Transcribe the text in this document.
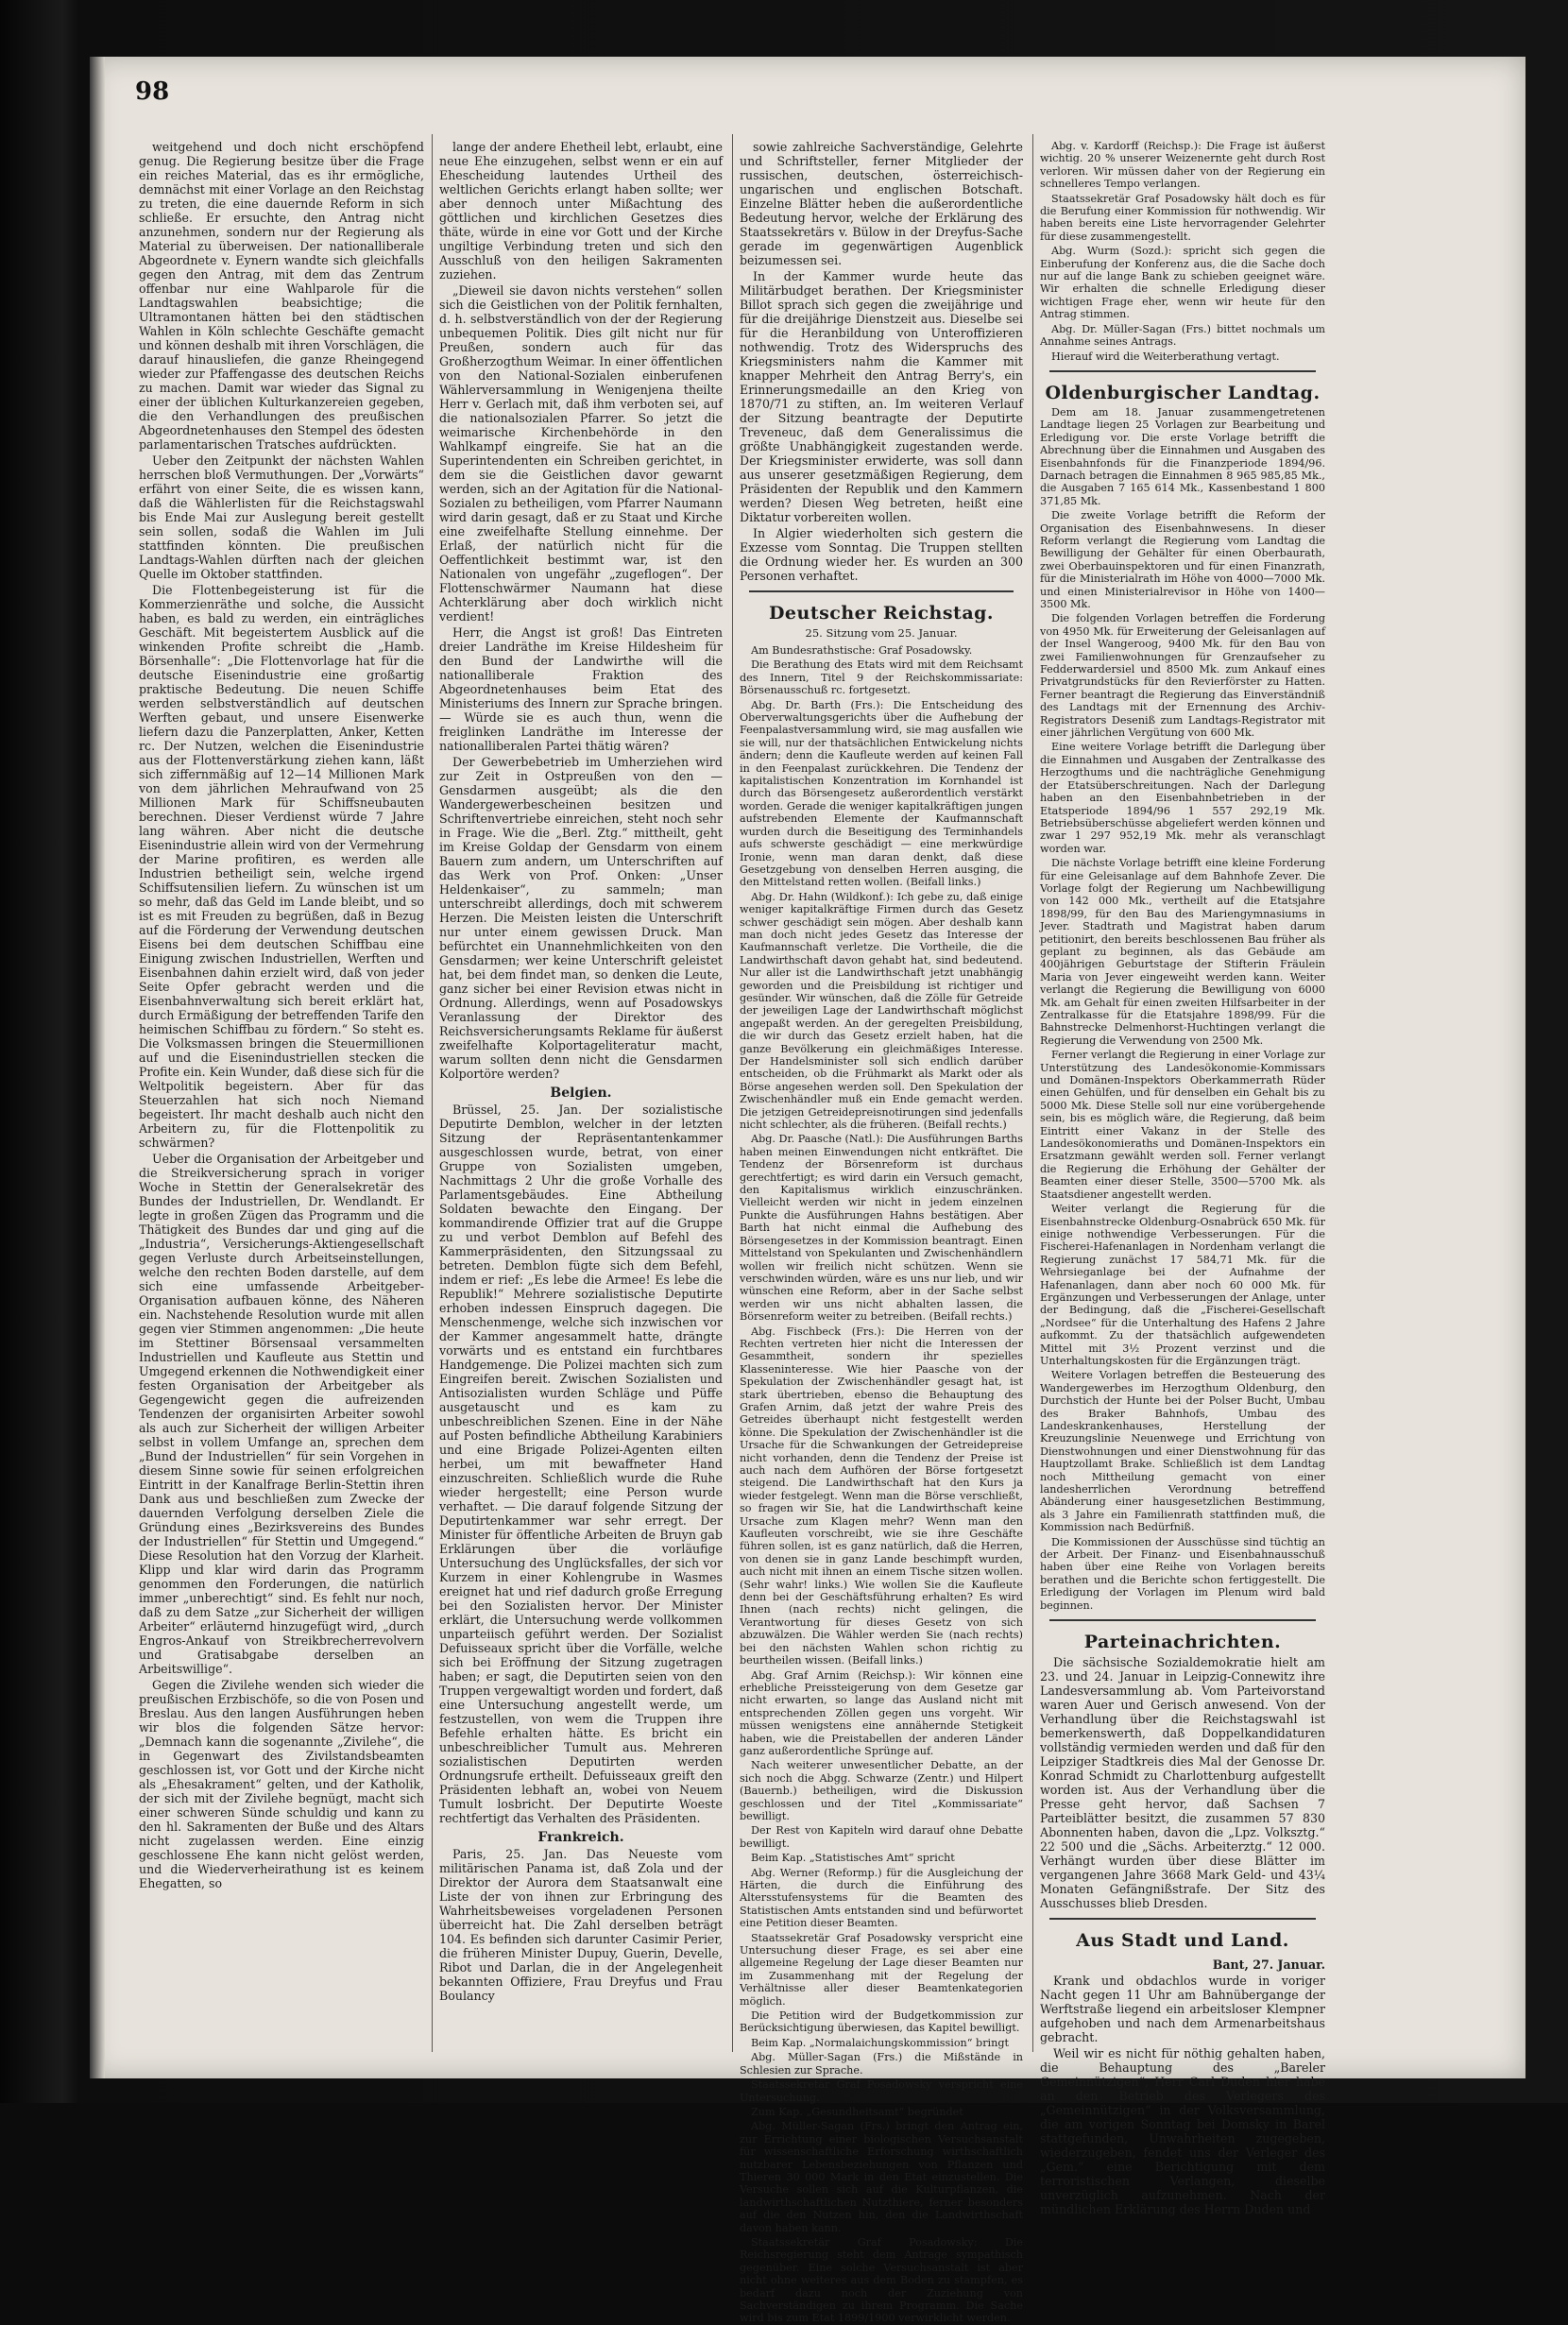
98

weitgehend und doch nicht erschöpfend genug. Die Regierung besitze über die Frage ein reiches Material, das es ihr ermögliche, demnächst mit einer Vorlage an den Reichstag zu treten, die eine dauernde Reform in sich schließe. Er ersuchte, den Antrag nicht anzunehmen, sondern nur der Regierung als Material zu überweisen. Der nationalliberale Abgeordnete v. Eynern wandte sich gleichfalls gegen den Antrag, mit dem das Zentrum offenbar nur eine Wahlparole für die Landtagswahlen beabsichtige; die Ultramontanen hätten bei den städtischen Wahlen in Köln schlechte Geschäfte gemacht und können deshalb mit ihren Vorschlägen, die darauf hinausliefen, die ganze Rheingegend wieder zur Pfaffengasse des deutschen Reichs zu machen. Damit war wieder das Signal zu einer der üblichen Kulturkanzereien gegeben, die den Verhandlungen des preußischen Abgeordnetenhauses den Stempel des ödesten parlamentarischen Tratsches aufdrückten.

Ueber den Zeitpunkt der nächsten Wahlen herrschen bloß Vermuthungen. Der „Vorwärts“ erfährt von einer Seite, die es wissen kann, daß die Wählerlisten für die Reichstagswahl bis Ende Mai zur Auslegung bereit gestellt sein sollen, sodaß die Wahlen im Juli stattfinden könnten. Die preußischen Landtags-Wahlen dürften nach der gleichen Quelle im Oktober stattfinden.

Die Flottenbegeisterung ist für die Kommerzienräthe und solche, die Aussicht haben, es bald zu werden, ein einträgliches Geschäft. Mit begeistertem Ausblick auf die winkenden Profite schreibt die „Hamb. Börsenhalle“: „Die Flottenvorlage hat für die deutsche Eisenindustrie eine großartig praktische Bedeutung. Die neuen Schiffe werden selbstverständlich auf deutschen Werften gebaut, und unsere Eisenwerke liefern dazu die Panzerplatten, Anker, Ketten rc. Der Nutzen, welchen die Eisenindustrie aus der Flottenverstärkung ziehen kann, läßt sich ziffernmäßig auf 12—14 Millionen Mark von dem jährlichen Mehraufwand von 25 Millionen Mark für Schiffsneubauten berechnen. Dieser Verdienst würde 7 Jahre lang währen. Aber nicht die deutsche Eisenindustrie allein wird von der Vermehrung der Marine profitiren, es werden alle Industrien betheiligt sein, welche irgend Schiffsutensilien liefern. Zu wünschen ist um so mehr, daß das Geld im Lande bleibt, und so ist es mit Freuden zu begrüßen, daß in Bezug auf die Förderung der Verwendung deutschen Eisens bei dem deutschen Schiffbau eine Einigung zwischen Industriellen, Werften und Eisenbahnen dahin erzielt wird, daß von jeder Seite Opfer gebracht werden und die Eisenbahnverwaltung sich bereit erklärt hat, durch Ermäßigung der betreffenden Tarife den heimischen Schiffbau zu fördern.“ So steht es. Die Volksmassen bringen die Steuermillionen auf und die Eisenindustriellen stecken die Profite ein. Kein Wunder, daß diese sich für die Weltpolitik begeistern. Aber für das Steuerzahlen hat sich noch Niemand begeistert. Ihr macht deshalb auch nicht den Arbeitern zu, für die Flottenpolitik zu schwärmen?

Ueber die Organisation der Arbeitgeber und die Streikversicherung sprach in voriger Woche in Stettin der Generalsekretär des Bundes der Industriellen, Dr. Wendlandt. Er legte in großen Zügen das Programm und die Thätigkeit des Bundes dar und ging auf die „Industria“, Versicherungs-Aktiengesellschaft gegen Verluste durch Arbeitseinstellungen, welche den rechten Boden darstelle, auf dem sich eine umfassende Arbeitgeber-Organisation aufbauen könne, des Näheren ein. Nachstehende Resolution wurde mit allen gegen vier Stimmen angenommen: „Die heute im Stettiner Börsensaal versammelten Industriellen und Kaufleute aus Stettin und Umgegend erkennen die Nothwendigkeit einer festen Organisation der Arbeitgeber als Gegengewicht gegen die aufreizenden Tendenzen der organisirten Arbeiter sowohl als auch zur Sicherheit der willigen Arbeiter selbst in vollem Umfange an, sprechen dem „Bund der Industriellen“ für sein Vorgehen in diesem Sinne sowie für seinen erfolgreichen Eintritt in der Kanalfrage Berlin-Stettin ihren Dank aus und beschließen zum Zwecke der dauernden Verfolgung derselben Ziele die Gründung eines „Bezirksvereins des Bundes der Industriellen“ für Stettin und Umgegend.“ Diese Resolution hat den Vorzug der Klarheit. Klipp und klar wird darin das Programm genommen den Forderungen, die natürlich immer „unberechtigt“ sind. Es fehlt nur noch, daß zu dem Satze „zur Sicherheit der willigen Arbeiter“ erläuternd hinzugefügt wird, „durch Engros-Ankauf von Streikbrecherrevolvern und Gratisabgabe derselben an Arbeitswillige“.

Gegen die Zivilehe wenden sich wieder die preußischen Erzbischöfe, so die von Posen und Breslau. Aus den langen Ausführungen heben wir blos die folgenden Sätze hervor: „Demnach kann die sogenannte „Zivilehe“, die in Gegenwart des Zivilstandsbeamten geschlossen ist, vor Gott und der Kirche nicht als „Ehesakrament“ gelten, und der Katholik, der sich mit der Zivilehe begnügt, macht sich einer schweren Sünde schuldig und kann zu den hl. Sakramenten der Buße und des Altars nicht zugelassen werden. Eine einzig geschlossene Ehe kann nicht gelöst werden, und die Wiederverheirathung ist es keinem Ehegatten, so

lange der andere Ehetheil lebt, erlaubt, eine neue Ehe einzugehen, selbst wenn er ein auf Ehescheidung lautendes Urtheil des weltlichen Gerichts erlangt haben sollte; wer aber dennoch unter Mißachtung des göttlichen und kirchlichen Gesetzes dies thäte, würde in eine vor Gott und der Kirche ungiltige Verbindung treten und sich den Ausschluß von den heiligen Sakramenten zuziehen.

„Dieweil sie davon nichts verstehen“ sollen sich die Geistlichen von der Politik fernhalten, d. h. selbstverständlich von der der Regierung unbequemen Politik. Dies gilt nicht nur für Preußen, sondern auch für das Großherzogthum Weimar. In einer öffentlichen von den National-Sozialen einberufenen Wählerversammlung in Wenigenjena theilte Herr v. Gerlach mit, daß ihm verboten sei, auf die nationalsozialen Pfarrer. So jetzt die weimarische Kirchenbehörde in den Wahlkampf eingreife. Sie hat an die Superintendenten ein Schreiben gerichtet, in dem sie die Geistlichen davor gewarnt werden, sich an der Agitation für die National-Sozialen zu betheiligen, vom Pfarrer Naumann wird darin gesagt, daß er zu Staat und Kirche eine zweifelhafte Stellung einnehme. Der Erlaß, der natürlich nicht für die Oeffentlichkeit bestimmt war, ist den Nationalen von ungefähr „zugeflogen“. Der Flottenschwärmer Naumann hat diese Achterklärung aber doch wirklich nicht verdient!

Herr, die Angst ist groß! Das Eintreten dreier Landräthe im Kreise Hildesheim für den Bund der Landwirthe will die nationalliberale Fraktion des Abgeordnetenhauses beim Etat des Ministeriums des Innern zur Sprache bringen. — Würde sie es auch thun, wenn die freiglinken Landräthe im Interesse der nationalliberalen Partei thätig wären?

Der Gewerbebetrieb im Umherziehen wird zur Zeit in Ostpreußen von den — Gensdarmen ausgeübt; als die den Wandergewerbescheinen besitzen und Schriftenvertriebe einreichen, steht noch sehr in Frage. Wie die „Berl. Ztg.“ mittheilt, geht im Kreise Goldap der Gensdarm von einem Bauern zum andern, um Unterschriften auf das Werk von Prof. Onken: „Unser Heldenkaiser“, zu sammeln; man unterschreibt allerdings, doch mit schwerem Herzen. Die Meisten leisten die Unterschrift nur unter einem gewissen Druck. Man befürchtet ein Unannehmlichkeiten von den Gensdarmen; wer keine Unterschrift geleistet hat, bei dem findet man, so denken die Leute, ganz sicher bei einer Revision etwas nicht in Ordnung. Allerdings, wenn auf Posadowskys Veranlassung der Direktor des Reichsversicherungsamts Reklame für äußerst zweifelhafte Kolportageliteratur macht, warum sollten denn nicht die Gensdarmen Kolportöre werden?

Belgien.

Brüssel, 25. Jan. Der sozialistische Deputirte Demblon, welcher in der letzten Sitzung der Repräsentantenkammer ausgeschlossen wurde, betrat, von einer Gruppe von Sozialisten umgeben, Nachmittags 2 Uhr die große Vorhalle des Parlamentsgebäudes. Eine Abtheilung Soldaten bewachte den Eingang. Der kommandirende Offizier trat auf die Gruppe zu und verbot Demblon auf Befehl des Kammerpräsidenten, den Sitzungssaal zu betreten. Demblon fügte sich dem Befehl, indem er rief: „Es lebe die Armee! Es lebe die Republik!“ Mehrere sozialistische Deputirte erhoben indessen Einspruch dagegen. Die Menschenmenge, welche sich inzwischen vor der Kammer angesammelt hatte, drängte vorwärts und es entstand ein furchtbares Handgemenge. Die Polizei machten sich zum Eingreifen bereit. Zwischen Sozialisten und Antisozialisten wurden Schläge und Püffe ausgetauscht und es kam zu unbeschreiblichen Szenen. Eine in der Nähe auf Posten befindliche Abtheilung Karabiniers und eine Brigade Polizei-Agenten eilten herbei, um mit bewaffneter Hand einzuschreiten. Schließlich wurde die Ruhe wieder hergestellt; eine Person wurde verhaftet. — Die darauf folgende Sitzung der Deputirtenkammer war sehr erregt. Der Minister für öffentliche Arbeiten de Bruyn gab Erklärungen über die vorläufige Untersuchung des Unglücksfalles, der sich vor Kurzem in einer Kohlengrube in Wasmes ereignet hat und rief dadurch große Erregung bei den Sozialisten hervor. Der Minister erklärt, die Untersuchung werde vollkommen unparteiisch geführt werden. Der Sozialist Defuisseaux spricht über die Vorfälle, welche sich bei Eröffnung der Sitzung zugetragen haben; er sagt, die Deputirten seien von den Truppen vergewaltigt worden und fordert, daß eine Untersuchung angestellt werde, um festzustellen, von wem die Truppen ihre Befehle erhalten hätte. Es bricht ein unbeschreiblicher Tumult aus. Mehreren sozialistischen Deputirten werden Ordnungsrufe ertheilt. Defuisseaux greift den Präsidenten lebhaft an, wobei von Neuem Tumult losbricht. Der Deputirte Woeste rechtfertigt das Verhalten des Präsidenten.

Frankreich.

Paris, 25. Jan. Das Neueste vom militärischen Panama ist, daß Zola und der Direktor der Aurora dem Staatsanwalt eine Liste der von ihnen zur Erbringung des Wahrheitsbeweises vorgeladenen Personen überreicht hat. Die Zahl derselben beträgt 104. Es befinden sich darunter Casimir Perier, die früheren Minister Dupuy, Guerin, Develle, Ribot und Darlan, die in der Angelegenheit bekannten Offiziere, Frau Dreyfus und Frau Boulancy

sowie zahlreiche Sachverständige, Gelehrte und Schriftsteller, ferner Mitglieder der russischen, deutschen, österreichisch-ungarischen und englischen Botschaft. Einzelne Blätter heben die außerordentliche Bedeutung hervor, welche der Erklärung des Staatssekretärs v. Bülow in der Dreyfus-Sache gerade im gegenwärtigen Augenblick beizumessen sei.

In der Kammer wurde heute das Militärbudget berathen. Der Kriegsminister Billot sprach sich gegen die zweijährige und für die dreijährige Dienstzeit aus. Dieselbe sei für die Heranbildung von Unteroffizieren nothwendig. Trotz des Widerspruchs des Kriegsministers nahm die Kammer mit knapper Mehrheit den Antrag Berry's, ein Erinnerungsmedaille an den Krieg von 1870/71 zu stiften, an. Im weiteren Verlauf der Sitzung beantragte der Deputirte Treveneuc, daß dem Generalissimus die größte Unabhängigkeit zugestanden werde. Der Kriegsminister erwiderte, was soll dann aus unserer gesetzmäßigen Regierung, dem Präsidenten der Republik und den Kammern werden? Diesen Weg betreten, heißt eine Diktatur vorbereiten wollen.

In Algier wiederholten sich gestern die Exzesse vom Sonntag. Die Truppen stellten die Ordnung wieder her. Es wurden an 300 Personen verhaftet.

Deutscher Reichstag.
25. Sitzung vom 25. Januar.

Am Bundesrathstische: Graf Posadowsky.

Die Berathung des Etats wird mit dem Reichsamt des Innern, Titel 9 der Reichskommissariate: Börsenausschuß rc. fortgesetzt.

Abg. Dr. Barth (Frs.): Die Entscheidung des Oberverwaltungsgerichts über die Aufhebung der Feenpalastversammlung wird, sie mag ausfallen wie sie will, nur der thatsächlichen Entwickelung nichts ändern; denn die Kaufleute werden auf keinen Fall in den Feenpalast zurückkehren. Die Tendenz der kapitalistischen Konzentration im Kornhandel ist durch das Börsengesetz außerordentlich verstärkt worden. Gerade die weniger kapitalkräftigen jungen aufstrebenden Elemente der Kaufmannschaft wurden durch die Beseitigung des Terminhandels aufs schwerste geschädigt — eine merkwürdige Ironie, wenn man daran denkt, daß diese Gesetzgebung von denselben Herren ausging, die den Mittelstand retten wollen. (Beifall links.)

Abg. Dr. Hahn (Wildkonf.): Ich gebe zu, daß einige weniger kapitalkräftige Firmen durch das Gesetz schwer geschädigt sein mögen. Aber deshalb kann man doch nicht jedes Gesetz das Interesse der Kaufmannschaft verletze. Die Vortheile, die die Landwirthschaft davon gehabt hat, sind bedeutend. Nur aller ist die Landwirthschaft jetzt unabhängig geworden und die Preisbildung ist richtiger und gesünder. Wir wünschen, daß die Zölle für Getreide der jeweiligen Lage der Landwirthschaft möglichst angepaßt werden. An der geregelten Preisbildung, die wir durch das Gesetz erzielt haben, hat die ganze Bevölkerung ein gleichmäßiges Interesse. Der Handelsminister soll sich endlich darüber entscheiden, ob die Frühmarkt als Markt oder als Börse angesehen werden soll. Den Spekulation der Zwischenhändler muß ein Ende gemacht werden. Die jetzigen Getreidepreisnotirungen sind jedenfalls nicht schlechter, als die früheren. (Beifall rechts.)

Abg. Dr. Paasche (Natl.): Die Ausführungen Barths haben meinen Einwendungen nicht entkräftet. Die Tendenz der Börsenreform ist durchaus gerechtfertigt; es wird darin ein Versuch gemacht, den Kapitalismus wirklich einzuschränken. Vielleicht werden wir nicht in jedem einzelnen Punkte die Ausführungen Hahns bestätigen. Aber Barth hat nicht einmal die Aufhebung des Börsengesetzes in der Kommission beantragt. Einen Mittelstand von Spekulanten und Zwischenhändlern wollen wir freilich nicht schützen. Wenn sie verschwinden würden, wäre es uns nur lieb, und wir wünschen eine Reform, aber in der Sache selbst werden wir uns nicht abhalten lassen, die Börsenreform weiter zu betreiben. (Beifall rechts.)

Abg. Fischbeck (Frs.): Die Herren von der Rechten vertreten hier nicht die Interessen der Gesammtheit, sondern ihr spezielles Klasseninteresse. Wie hier Paasche von der Spekulation der Zwischenhändler gesagt hat, ist stark übertrieben, ebenso die Behauptung des Grafen Arnim, daß jetzt der wahre Preis des Getreides überhaupt nicht festgestellt werden könne. Die Spekulation der Zwischenhändler ist die Ursache für die Schwankungen der Getreidepreise nicht vorhanden, denn die Tendenz der Preise ist auch nach dem Aufhören der Börse fortgesetzt steigend. Die Landwirthschaft hat den Kurs ja wieder festgelegt. Wenn man die Börse verschließt, so fragen wir Sie, hat die Landwirthschaft keine Ursache zum Klagen mehr? Wenn man den Kaufleuten vorschreibt, wie sie ihre Geschäfte führen sollen, ist es ganz natürlich, daß die Herren, von denen sie in ganz Lande beschimpft wurden, auch nicht mit ihnen an einem Tische sitzen wollen. (Sehr wahr! links.) Wie wollen Sie die Kaufleute denn bei der Geschäftsführung erhalten? Es wird Ihnen (nach rechts) nicht gelingen, die Verantwortung für dieses Gesetz von sich abzuwälzen. Die Wähler werden Sie (nach rechts) bei den nächsten Wahlen schon richtig zu beurtheilen wissen. (Beifall links.)

Abg. Graf Arnim (Reichsp.): Wir können eine erhebliche Preissteigerung von dem Gesetze gar nicht erwarten, so lange das Ausland nicht mit entsprechenden Zöllen gegen uns vorgeht. Wir müssen wenigstens eine annähernde Stetigkeit haben, wie die Preistabellen der anderen Länder ganz außerordentliche Sprünge auf.

Nach weiterer unwesentlicher Debatte, an der sich noch die Abgg. Schwarze (Zentr.) und Hilpert (Bauernb.) betheiligen, wird die Diskussion geschlossen und der Titel „Kommissariate“ bewilligt.

Der Rest von Kapiteln wird darauf ohne Debatte bewilligt.

Beim Kap. „Statistisches Amt“ spricht

Abg. Werner (Reformp.) für die Ausgleichung der Härten, die durch die Einführung des Altersstufensystems für die Beamten des Statistischen Amts entstanden sind und befürwortet eine Petition dieser Beamten.

Staatssekretär Graf Posadowsky verspricht eine Untersuchung dieser Frage, es sei aber eine allgemeine Regelung der Lage dieser Beamten nur im Zusammenhang mit der Regelung der Verhältnisse aller dieser Beamtenkategorien möglich.

Die Petition wird der Budgetkommission zur Berücksichtigung überwiesen, das Kapitel bewilligt.

Beim Kap. „Normalaichungskommission“ bringt

Abg. Müller-Sagan (Frs.) die Mißstände in Schlesien zur Sprache.

Staatssekretär Graf Posadowsky verspricht eine Untersuchung.

Zum Kap. „Gesundheitsamt“ begründet

Abg. Müller-Sagan (Frs.) bringt den Antrag ein, zur Errichtung einer biologischen Versuchsanstalt für wissenschaftliche Erforschung wirthschaftlich nutzbarer Lebensbeziehungen von Pflanzen und Thieren 30 000 Mark in den Etat einzustellen. Die Versuche sollen sich auf die Kulturpflanzen, die landwirthschaftlichen Nutzthiere, ferner besonders auf die den Nutzen hin, den die Landwirthschaft davon haben kann.

Staatssekretär Graf Posadowsky: Die Reichsregierung steht dem Antrage sympathisch gegenüber. Eine solche Versuchsanstalt ist aber nicht ohne weiteres aus dem Boden zu stampfen, es bedarf dazu noch der Zuziehung von Sachverständigen zu ihrem Programm. Die Sache wird bis zum Etat 1899/1900 verwirklicht werden.

Abg. v. Kardorff (Reichsp.): Die Frage ist äußerst wichtig. 20 % unserer Weizenernte geht durch Rost verloren. Wir müssen daher von der Regierung ein schnelleres Tempo verlangen.

Staatssekretär Graf Posadowsky hält doch es für die Berufung einer Kommission für nothwendig. Wir haben bereits eine Liste hervorragender Gelehrter für diese zusammengestellt.

Abg. Wurm (Sozd.): spricht sich gegen die Einberufung der Konferenz aus, die die Sache doch nur auf die lange Bank zu schieben geeignet wäre. Wir erhalten die schnelle Erledigung dieser wichtigen Frage eher, wenn wir heute für den Antrag stimmen.

Abg. Dr. Müller-Sagan (Frs.) bittet nochmals um Annahme seines Antrags.

Hierauf wird die Weiterberathung vertagt.

Oldenburgischer Landtag.

Dem am 18. Januar zusammengetretenen Landtage liegen 25 Vorlagen zur Bearbeitung und Erledigung vor. Die erste Vorlage betrifft die Abrechnung über die Einnahmen und Ausgaben des Eisenbahnfonds für die Finanzperiode 1894/96. Darnach betragen die Einnahmen 8 965 985,85 Mk., die Ausgaben 7 165 614 Mk., Kassenbestand 1 800 371,85 Mk.

Die zweite Vorlage betrifft die Reform der Organisation des Eisenbahnwesens. In dieser Reform verlangt die Regierung vom Landtag die Bewilligung der Gehälter für einen Oberbaurath, zwei Oberbauinspektoren und für einen Finanzrath, für die Ministerialrath im Höhe von 4000—7000 Mk. und einen Ministerialrevisor in Höhe von 1400—3500 Mk.

Die folgenden Vorlagen betreffen die Forderung von 4950 Mk. für Erweiterung der Geleisanlagen auf der Insel Wangeroog, 9400 Mk. für den Bau von zwei Familienwohnungen für Grenzaufseher zu Fedderwardersiel und 8500 Mk. zum Ankauf eines Privatgrundstücks für den Revierförster zu Hatten. Ferner beantragt die Regierung das Einverständniß des Landtags mit der Ernennung des Archiv-Registrators Deseniß zum Landtags-Registrator mit einer jährlichen Vergütung von 600 Mk.

Eine weitere Vorlage betrifft die Darlegung über die Einnahmen und Ausgaben der Zentralkasse des Herzogthums und die nachträgliche Genehmigung der Etatsüberschreitungen. Nach der Darlegung haben an den Eisenbahnbetrieben in der Etatsperiode 1894/96 1 557 292,19 Mk. Betriebsüberschüsse abgeliefert werden können und zwar 1 297 952,19 Mk. mehr als veranschlagt worden war.

Die nächste Vorlage betrifft eine kleine Forderung für eine Geleisanlage auf dem Bahnhofe Zever. Die Vorlage folgt der Regierung um Nachbewilligung von 142 000 Mk., vertheilt auf die Etatsjahre 1898/99, für den Bau des Mariengymnasiums in Jever. Stadtrath und Magistrat haben darum petitionirt, den bereits beschlossenen Bau früher als geplant zu beginnen, als das Gebäude am 400jährigen Geburtstage der Stifterin Fräulein Maria von Jever eingeweiht werden kann. Weiter verlangt die Regierung die Bewilligung von 6000 Mk. am Gehalt für einen zweiten Hilfsarbeiter in der Zentralkasse für die Etatsjahre 1898/99. Für die Bahnstrecke Delmenhorst-Huchtingen verlangt die Regierung die Verwendung von 2500 Mk.

Ferner verlangt die Regierung in einer Vorlage zur Unterstützung des Landesökonomie-Kommissars und Domänen-Inspektors Oberkammerrath Rüder einen Gehülfen, und für denselben ein Gehalt bis zu 5000 Mk. Diese Stelle soll nur eine vorübergehende sein, bis es möglich wäre, die Regierung, daß beim Eintritt einer Vakanz in der Stelle des Landesökonomieraths und Domänen-Inspektors ein Ersatzmann gewählt werden soll. Ferner verlangt die Regierung die Erhöhung der Gehälter der Beamten einer dieser Stelle, 3500—5700 Mk. als Staatsdiener angestellt werden.

Weiter verlangt die Regierung für die Eisenbahnstrecke Oldenburg-Osnabrück 650 Mk. für einige nothwendige Verbesserungen. Für die Fischerei-Hafenanlagen in Nordenham verlangt die Regierung zunächst 17 584,71 Mk. für die Wehrsieganlage bei der Aufnahme der Hafenanlagen, dann aber noch 60 000 Mk. für Ergänzungen und Verbesserungen der Anlage, unter der Bedingung, daß die „Fischerei-Gesellschaft „Nordsee“ für die Unterhaltung des Hafens 2 Jahre aufkommt. Zu der thatsächlich aufgewendeten Mittel mit 3½ Prozent verzinst und die Unterhaltungskosten für die Ergänzungen trägt.

Weitere Vorlagen betreffen die Besteuerung des Wandergewerbes im Herzogthum Oldenburg, den Durchstich der Hunte bei der Polser Bucht, Umbau des Braker Bahnhofs, Umbau des Landeskrankenhauses, Herstellung der Kreuzungslinie Neuenwege und Errichtung von Dienstwohnungen und einer Dienstwohnung für das Hauptzollamt Brake. Schließlich ist dem Landtag noch Mittheilung gemacht von einer landesherrlichen Verordnung betreffend Abänderung einer hausgesetzlichen Bestimmung, als 3 Jahre ein Familienrath stattfinden muß, die Kommission nach Bedürfniß.

Die Kommissionen der Ausschüsse sind tüchtig an der Arbeit. Der Finanz- und Eisenbahnausschuß haben über eine Reihe von Vorlagen bereits berathen und die Berichte schon fertiggestellt. Die Erledigung der Vorlagen im Plenum wird bald beginnen.

Parteinachrichten.

Die sächsische Sozialdemokratie hielt am 23. und 24. Januar in Leipzig-Connewitz ihre Landesversammlung ab. Vom Parteivorstand waren Auer und Gerisch anwesend. Von der Verhandlung über die Reichstagswahl ist bemerkenswerth, daß Doppelkandidaturen vollständig vermieden werden und daß für den Leipziger Stadtkreis dies Mal der Genosse Dr. Konrad Schmidt zu Charlottenburg aufgestellt worden ist. Aus der Verhandlung über die Presse geht hervor, daß Sachsen 7 Parteiblätter besitzt, die zusammen 57 830 Abonnenten haben, davon die „Lpz. Volksztg.“ 22 500 und die „Sächs. Arbeiterztg.“ 12 000. Verhängt wurden über diese Blätter im vergangenen Jahre 3668 Mark Geld- und 43¼ Monaten Gefängnißstrafe. Der Sitz des Ausschusses blieb Dresden.

Aus Stadt und Land.
Bant, 27. Januar.

Krank und obdachlos wurde in voriger Nacht gegen 11 Uhr am Bahnübergange der Werftstraße liegend ein arbeitsloser Klempner aufgehoben und nach dem Armenarbeitshaus gebracht.

Weil wir es nicht für nöthig gehalten haben, die Behauptung des „Bareler Gemeinnützigen“, Herr Carl Duden hier habe an den Betrieb des Verlegers des „Gemeinnützigen“ in der Volksversammlung, die am vorigen Sonntag bei Domsky in Barel stattgefunden, Unwahrheiten zugegeben, wiederzugeben, fendet uns der Verleger des „Gem.“ eine Berichtigung mit dem terroristischen Verlangen, dieselbe unverzüglich aufzunehmen. Nach der mündlichen Erklärung des Herrn Duden und
